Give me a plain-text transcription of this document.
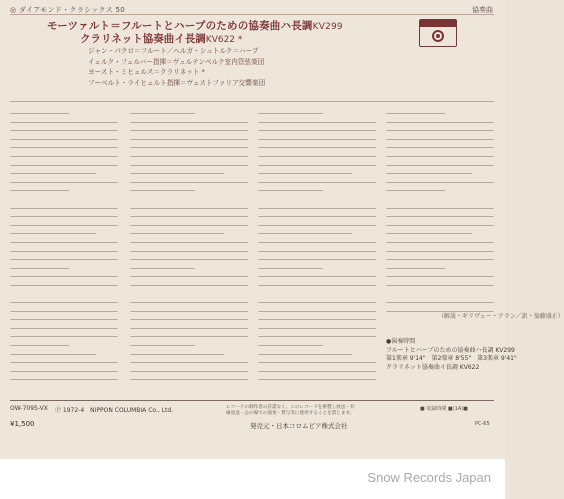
◎ ダイアモンド・クラシックス 50	協奏曲
モーツァルト＝フルートとハープのための協奏曲ハ長調KV299
クラリネット協奏曲イ長調KV622 *
ジャン・パクロ＝フルート／ヘルガ・シュトルク＝ハープ
イェルク・フェルバー指揮＝ヴュルテンベルク室内管弦楽団
ヨースト・ミヒェルス＝クラリネット *
フーベルト・ライヒェルト指揮＝ヴェストファリア交響楽団
（解説・ギリヴェー・アラン／訳・翁藤盛正）
●演奏時間
フルートとハープのための協奏曲ハ長調 KV299
第1楽章 9'14"　第2楽章 8'55"　第3楽章 9'41"
クラリネット協奏曲イ長調 KV622
OW-7095-VX Ⓟ 1972-4　NIPPON COLUMBIA Co., Ltd.	レコードの制作者の許諾なく、このレコードを複製し放送・有線放送・公の場での演奏・貸与等に使用することを禁じます。
■ 収録時間 ■(1A)■
¥1,500	発売元・日本コロムビア株式会社	PC-65
Snow Records Japan
